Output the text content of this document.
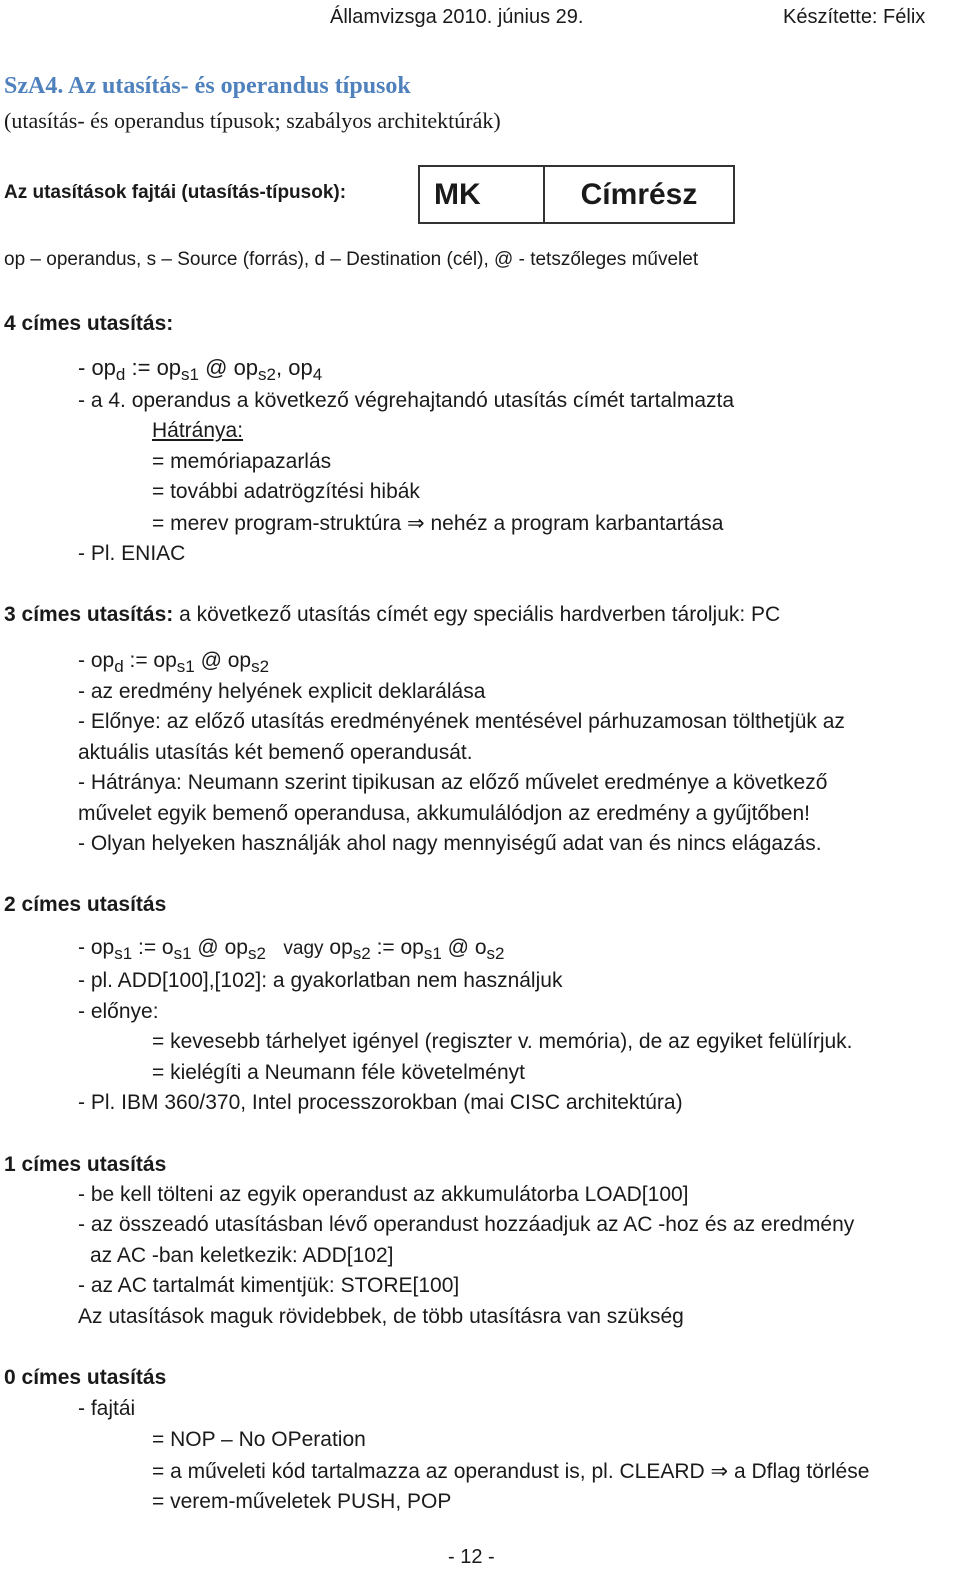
Államvizsga 2010. június 29.	Készítette: Félix
SzA4. Az utasítás- és operandus típusok
(utasítás- és operandus típusok; szabályos architektúrák)
Az utasítások fajtái (utasítás-típusok):	MK	Címrész
op – operandus, s – Source (forrás), d – Destination (cél), @ - tetszőleges művelet
4 címes utasítás:
- $op_d$ := $op_{s1}$ @ $op_{s2}$, $op_4$
- a 4. operandus a következő végrehajtandó utasítás címét tartalmazta
Hátránya:
= memóriapazarlás
= további adatrögzítési hibák
= merev program-struktúra ⇒ nehéz a program karbantartása
- Pl. ENIAC
3 címes utasítás: a következő utasítás címét egy speciális hardverben tároljuk: PC
- $op_d$ := $op_{s1}$ @ $op_{s2}$
- az eredmény helyének explicit deklarálása
- Előnye: az előző utasítás eredményének mentésével párhuzamosan tölthetjük az
aktuális utasítás két bemenő operandusát.
- Hátránya: Neumann szerint tipikusan az előző művelet eredménye a következő
művelet egyik bemenő operandusa, akkumulálódjon az eredmény a gyűjtőben!
- Olyan helyeken használják ahol nagy mennyiségű adat van és nincs elágazás.
2 címes utasítás
- $op_{s1}$ := $o_{s1}$ @ $op_{s2}$ vagy $op_{s2}$ := $op_{s1}$ @ $o_{s2}$
- pl. ADD[100],[102]: a gyakorlatban nem használjuk
- előnye:
= kevesebb tárhelyet igényel (regiszter v. memória), de az egyiket felülírjuk.
= kielégíti a Neumann féle követelményt
- Pl. IBM 360/370, Intel processzorokban (mai CISC architektúra)
1 címes utasítás
- be kell tölteni az egyik operandust az akkumulátorba LOAD[100]
- az összeadó utasításban lévő operandust hozzáadjuk az AC -hoz és az eredmény
az AC -ban keletkezik: ADD[102]
- az AC tartalmát kimentjük: STORE[100]
Az utasítások maguk rövidebbek, de több utasításra van szükség
0 címes utasítás
- fajtái
= NOP – No OPeration
= a műveleti kód tartalmazza az operandust is, pl. CLEARD ⇒ a Dflag törlése
= verem-műveletek PUSH, POP
- 12 -
